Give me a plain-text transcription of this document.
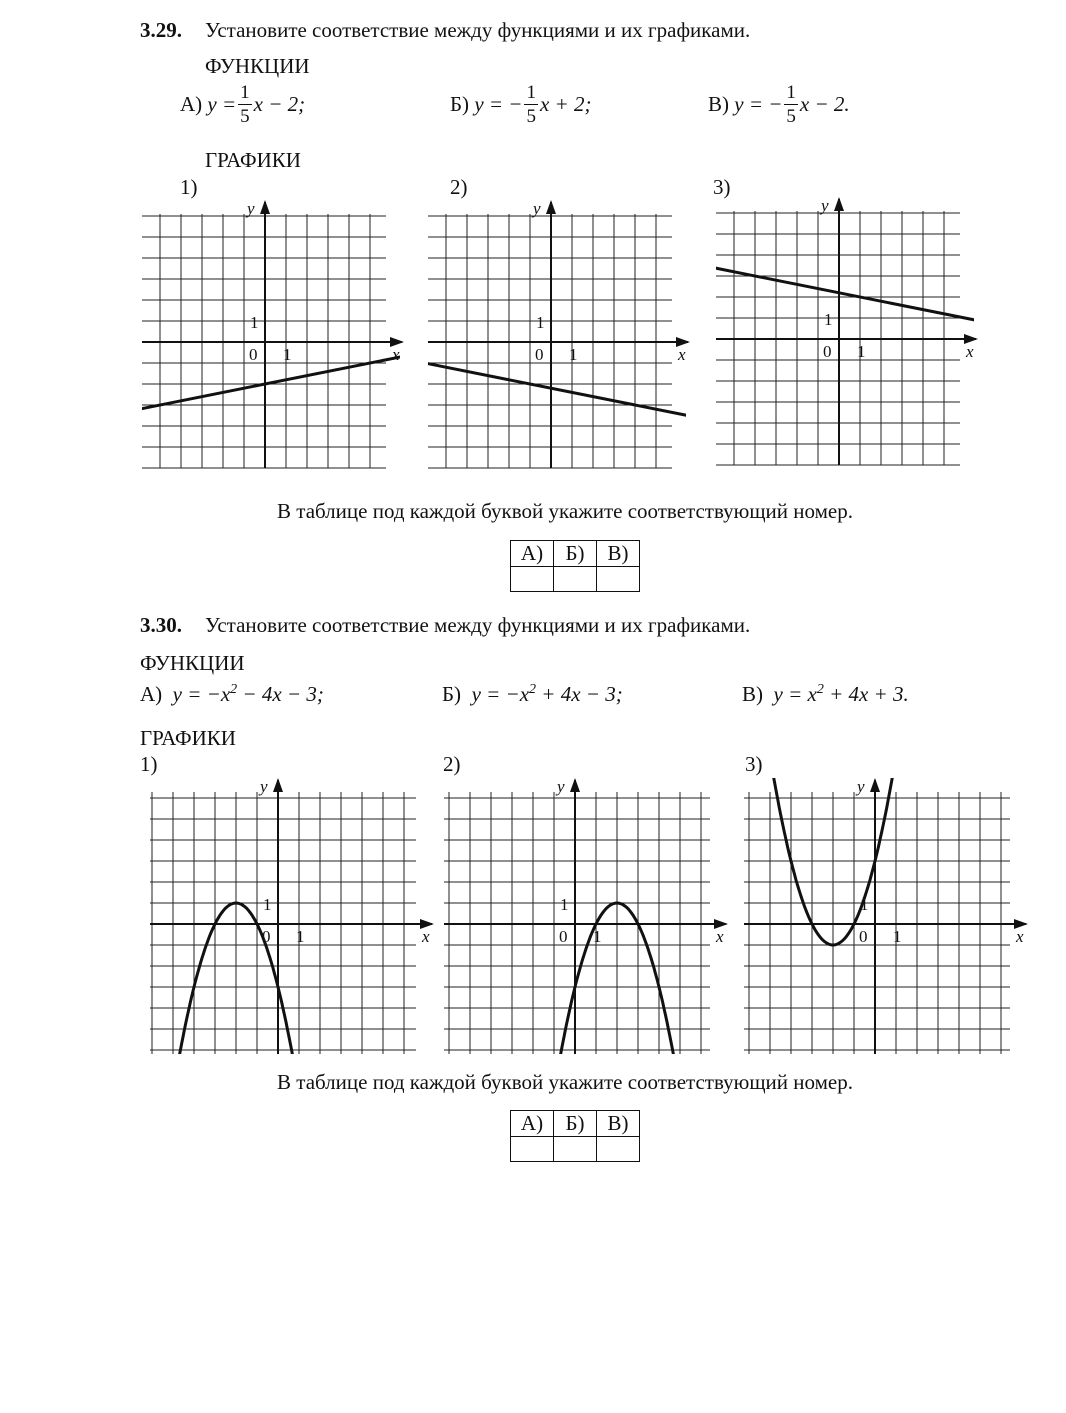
3.29. Установите соответствие между функциями и их графиками.
ФУНКЦИИ
А)
$y = \frac{1}{5}$ x − 2;	Б)
y = − $\frac{1}{5}$ x + 2;	В)
y = − $\frac{1}{5}$ x − 2.
ГРАФИКИ
1)	2)	3)
x
y
0 1
1
x
y
0 1
1
x
y
0 1
1
В таблице под каждой буквой укажите соответствующий номер.
А)	Б)	В)

3.30. Установите соответствие между функциями и их графиками.
ФУНКЦИИ
А) $y = -x^2 - 4x - 3$;	Б) $y = -x^2 + 4x - 3$;	В) $y = x^2 + 4x + 3$.
ГРАФИКИ
1)	2)	3)
x
y
0 1
1
x
y
0 1
1
x
y
0 1
1
В таблице под каждой буквой укажите соответствующий номер.
А)	Б)	В)
